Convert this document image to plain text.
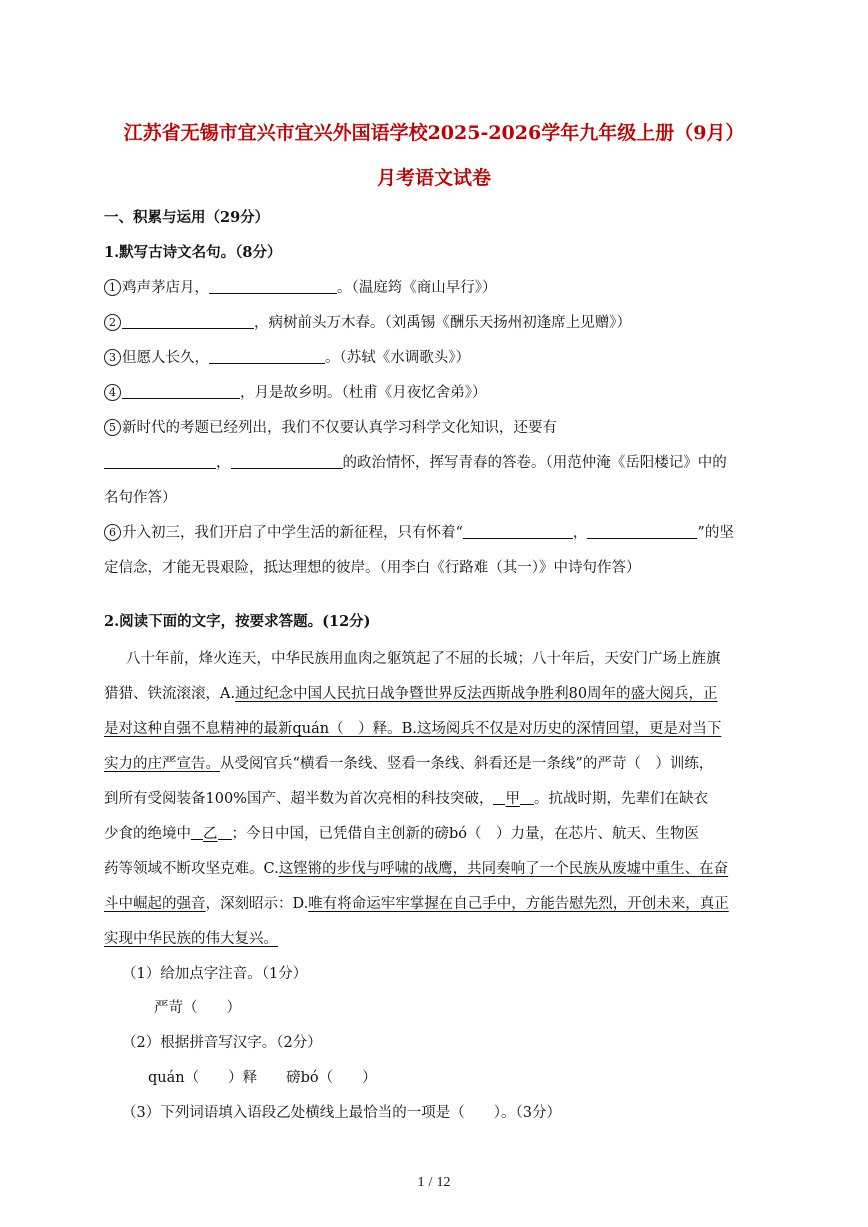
江苏省无锡市宜兴市宜兴外国语学校2025-2026学年九年级上册（9月）
月考语文试卷
一、积累与运用（29分）
1.默写古诗文名句。（8分）
1 鸡声茅店月，	。（温庭筠《商山早行》）
2	，病树前头万木春。（刘禹锡《酬乐天扬州初逢席上见赠》）
3 但愿人长久，	。（苏轼《水调歌头》）
4	，月是故乡明。（杜甫《月夜忆舍弟》）
5 新时代的考题已经列出，我们不仅要认真学习科学文化知识，还要有
，	的政治情怀，挥写青春的答卷。（用范仲淹《岳阳楼记》中的
名句作答）
6 升入初三，我们开启了中学生活的新征程，只有怀着“	，	”的坚
定信念，才能无畏艰险，抵达理想的彼岸。（用李白《行路难（其一）》中诗句作答）
2.阅读下面的文字，按要求答题。(12分)
八十年前，烽火连天，中华民族用血肉之躯筑起了不屈的长城；八十年后，天安门广场上旌旗
猎猎、铁流滚滚，A.通过纪念中国人民抗日战争暨世界反法西斯战争胜利80周年的盛大阅兵，正
是对这种自强不息精神的最新quán（　）释。B.这场阅兵不仅是对历史的深情回望，更是对当下
实力的庄严宣告。从受阅官兵“横看一条线、竖看一条线、斜看还是一条线”的严苛（　）训练，
到所有受阅装备100%国产、超半数为首次亮相的科技突破， 甲 。抗战时期，先辈们在缺衣
少食的绝境中 乙 ；今日中国，已凭借自主创新的磅bó（　）力量，在芯片、航天、生物医
药等领域不断攻坚克难。C.这铿锵的步伐与呼啸的战鹰，共同奏响了一个民族从废墟中重生、在奋
斗中崛起的强音，深刻昭示：D.唯有将命运牢牢掌握在自己手中，方能告慰先烈，开创未来，真正
实现中华民族的伟大复兴。
（1）给加点字注音。（1分）
严苛（　　）
（2）根据拼音写汉字。（2分）
quán（　　）释　　磅bó（　　）
（3）下列词语填入语段乙处横线上最恰当的一项是（　　）。（3分）
1 / 12
